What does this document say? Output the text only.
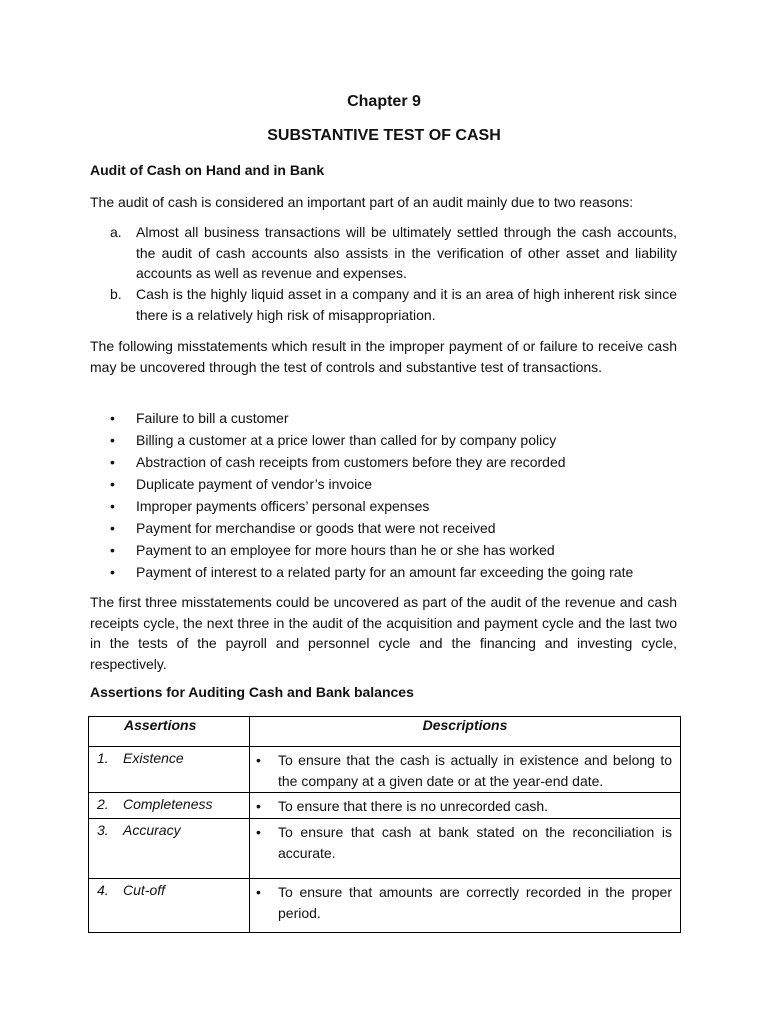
Chapter 9
SUBSTANTIVE TEST OF CASH
Audit of Cash on Hand and in Bank
The audit of cash is considered an important part of an audit mainly due to two reasons:
a.	Almost all business transactions will be ultimately settled through the cash accounts, the audit of cash accounts also assists in the verification of other asset and liability accounts as well as revenue and expenses.
b.	Cash is the highly liquid asset in a company and it is an area of high inherent risk since there is a relatively high risk of misappropriation.
The following misstatements which result in the improper payment of or failure to receive cash may be uncovered through the test of controls and substantive test of transactions.
•	Failure to bill a customer
•	Billing a customer at a price lower than called for by company policy
•	Abstraction of cash receipts from customers before they are recorded
•	Duplicate payment of vendor’s invoice
•	Improper payments officers’ personal expenses
•	Payment for merchandise or goods that were not received
•	Payment to an employee for more hours than he or she has worked
•	Payment of interest to a related party for an amount far exceeding the going rate
The first three misstatements could be uncovered as part of the audit of the revenue and cash receipts cycle, the next three in the audit of the acquisition and payment cycle and the last two in the tests of the payroll and personnel cycle and the financing and investing cycle, respectively.
Assertions for Auditing Cash and Bank balances
Assertions	Descriptions
1. Existence	• To ensure that the cash is actually in existence and belong to the company at a given date or at the year-end date.

2. Completeness	• To ensure that there is no unrecorded cash.

3. Accuracy	• To ensure that cash at bank stated on the reconciliation is accurate.

4. Cut-off	• To ensure that amounts are correctly recorded in the proper period.
